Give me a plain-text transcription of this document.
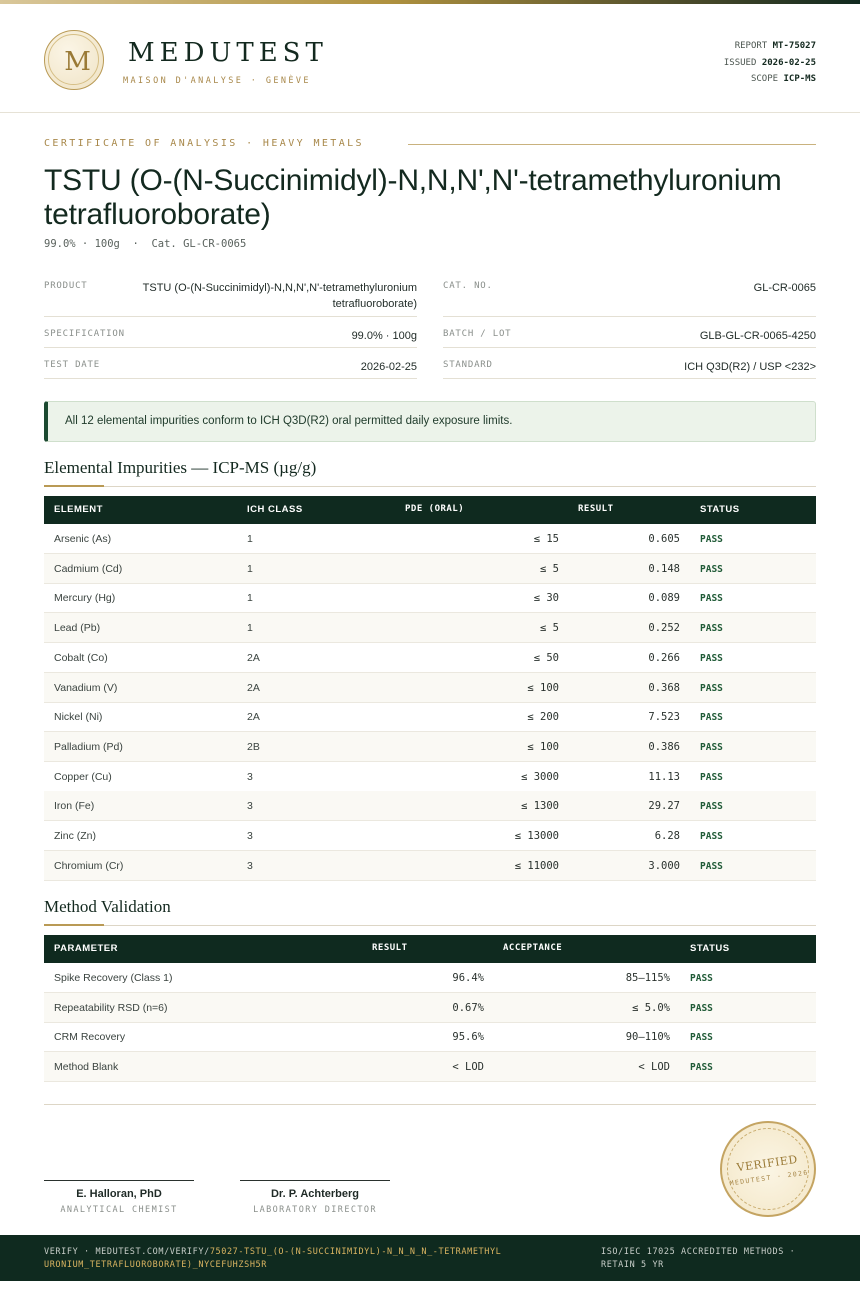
M	MEDUTEST
MAISON D'ANALYSE · GENÈVE
REPORT MT-75027
ISSUED 2026-02-25
SCOPE ICP-MS
CERTIFICATE OF ANALYSIS · HEAVY METALS
TSTU (O-(N-Succinimidyl)-N,N,N',N'-tetramethyluronium tetrafluoroborate)
99.0% · 100g  ·  Cat. GL-CR-0065
PRODUCT	TSTU (O-(N-Succinimidyl)-N,N,N',N'-tetramethyluronium tetrafluoroborate)
CAT. NO.	GL-CR-0065
SPECIFICATION	99.0% · 100g	BATCH / LOT	GLB-GL-CR-0065-4250
TEST DATE	2026-02-25	STANDARD	ICH Q3D(R2) / USP <232>
All 12 elemental impurities conform to ICH Q3D(R2) oral permitted daily exposure limits.
Elemental Impurities — ICP-MS (µg/g)
ELEMENT	ICH CLASS	PDE (ORAL)	RESULT	STATUS
Arsenic (As)	1	≤ 15	0.605 PASS
Cadmium (Cd)	1	≤ 5	0.148 PASS
Mercury (Hg)	1	≤ 30	0.089 PASS
Lead (Pb)	1	≤ 5	0.252 PASS
Cobalt (Co)	2A	≤ 50	0.266 PASS
Vanadium (V)	2A	≤ 100	0.368 PASS
Nickel (Ni)	2A	≤ 200	7.523 PASS
Palladium (Pd)	2B	≤ 100	0.386 PASS
Copper (Cu)	3	≤ 3000	11.13 PASS
Iron (Fe)	3	≤ 1300	29.27 PASS
Zinc (Zn)	3	≤ 13000	6.28 PASS
Chromium (Cr)	3	≤ 11000	3.000 PASS
Method Validation
PARAMETER	RESULT	ACCEPTANCE	STATUS
Spike Recovery (Class 1)	96.4%	85–115% PASS
Repeatability RSD (n=6)	0.67%	≤ 5.0% PASS
CRM Recovery	95.6%	90–110% PASS
Method Blank	< LOD	< LOD PASS
E. Halloran, PhD
ANALYTICAL CHEMIST
Dr. P. Achterberg
LABORATORY DIRECTOR
VERIFIED
MEDUTEST · 2026
VERIFY · MEDUTEST.COM/VERIFY/75027-TSTU_(O-(N-SUCCINIMIDYL)-N_N_N_N_-TETRAMETHYLURONIUM_TETRAFLUOROBORATE)_NYCEFUHZSH5R
ISO/IEC 17025 ACCREDITED METHODS · RETAIN 5 YR
